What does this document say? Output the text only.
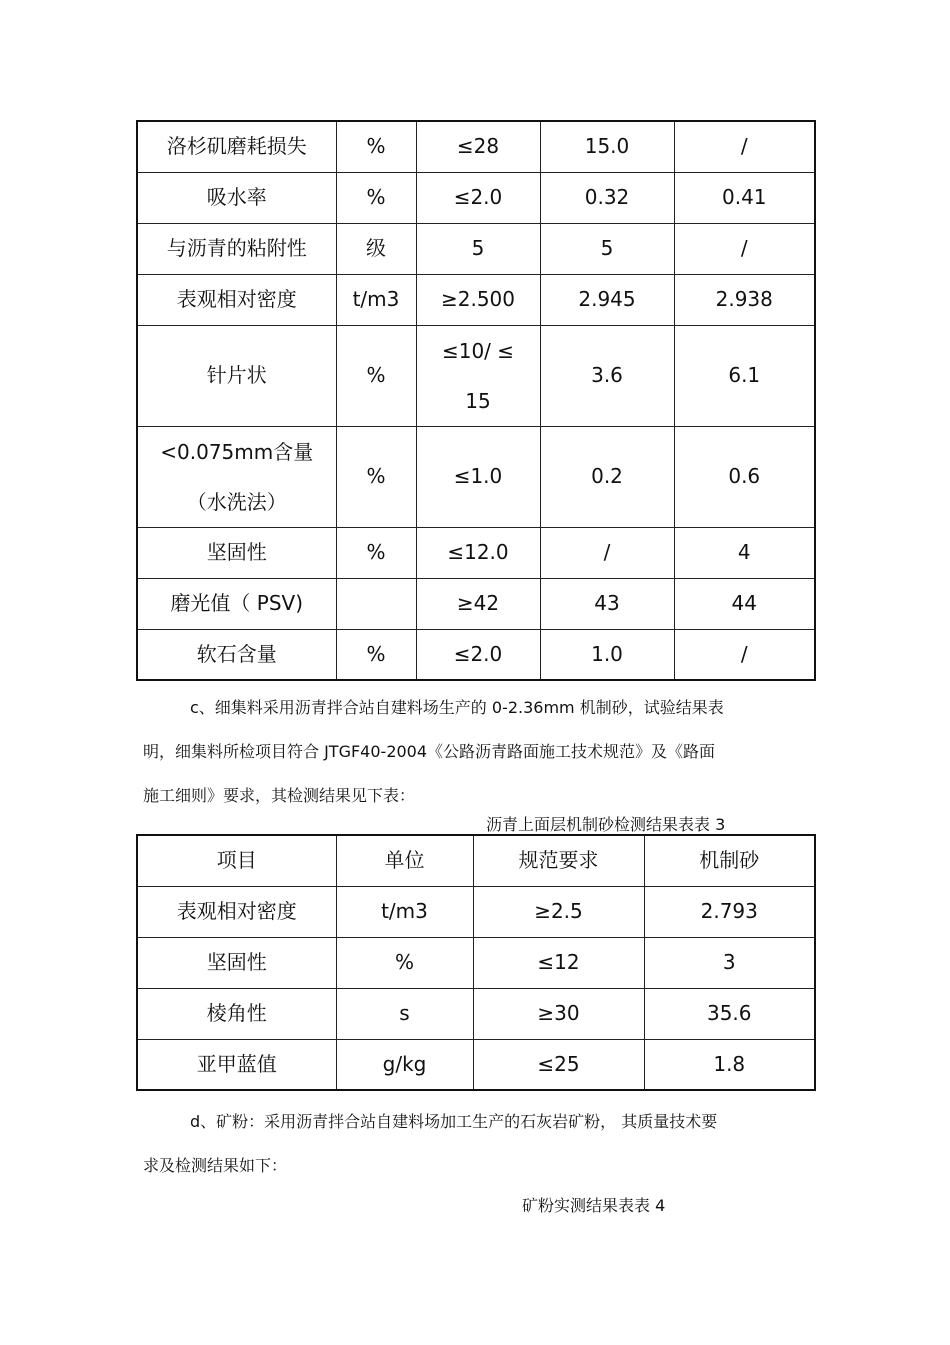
洛杉矶磨耗损失	%	≤28	15.0	/
吸水率	%	≤2.0	0.32	0.41
与沥青的粘附性	级	5	5	/
表观相对密度	t/m3	≥2.500	2.945	2.938
针片状	%	≤10/ ≤ 15	3.6	6.1
<0.075mm含量（水洗法）	%	≤1.0	0.2	0.6
坚固性	%	≤12.0	/	4
磨光值（ PSV)		≥42	43	44
软石含量	%	≤2.0	1.0	/

c、细集料采用沥青拌合站自建料场生产的 0-2.36mm 机制砂，试验结果表

明，细集料所检项目符合 JTGF40-2004《公路沥青路面施工技术规范》及《路面

施工细则》要求，其检测结果见下表：

沥青上面层机制砂检测结果表表 3

项目	单位	规范要求	机制砂
表观相对密度	t/m3	≥2.5	2.793
坚固性	%	≤12	3
棱角性	s	≥30	35.6
亚甲蓝值	g/kg	≤25	1.8

d、矿粉：采用沥青拌合站自建料场加工生产的石灰岩矿粉， 其质量技术要

求及检测结果如下：

矿粉实测结果表表 4
